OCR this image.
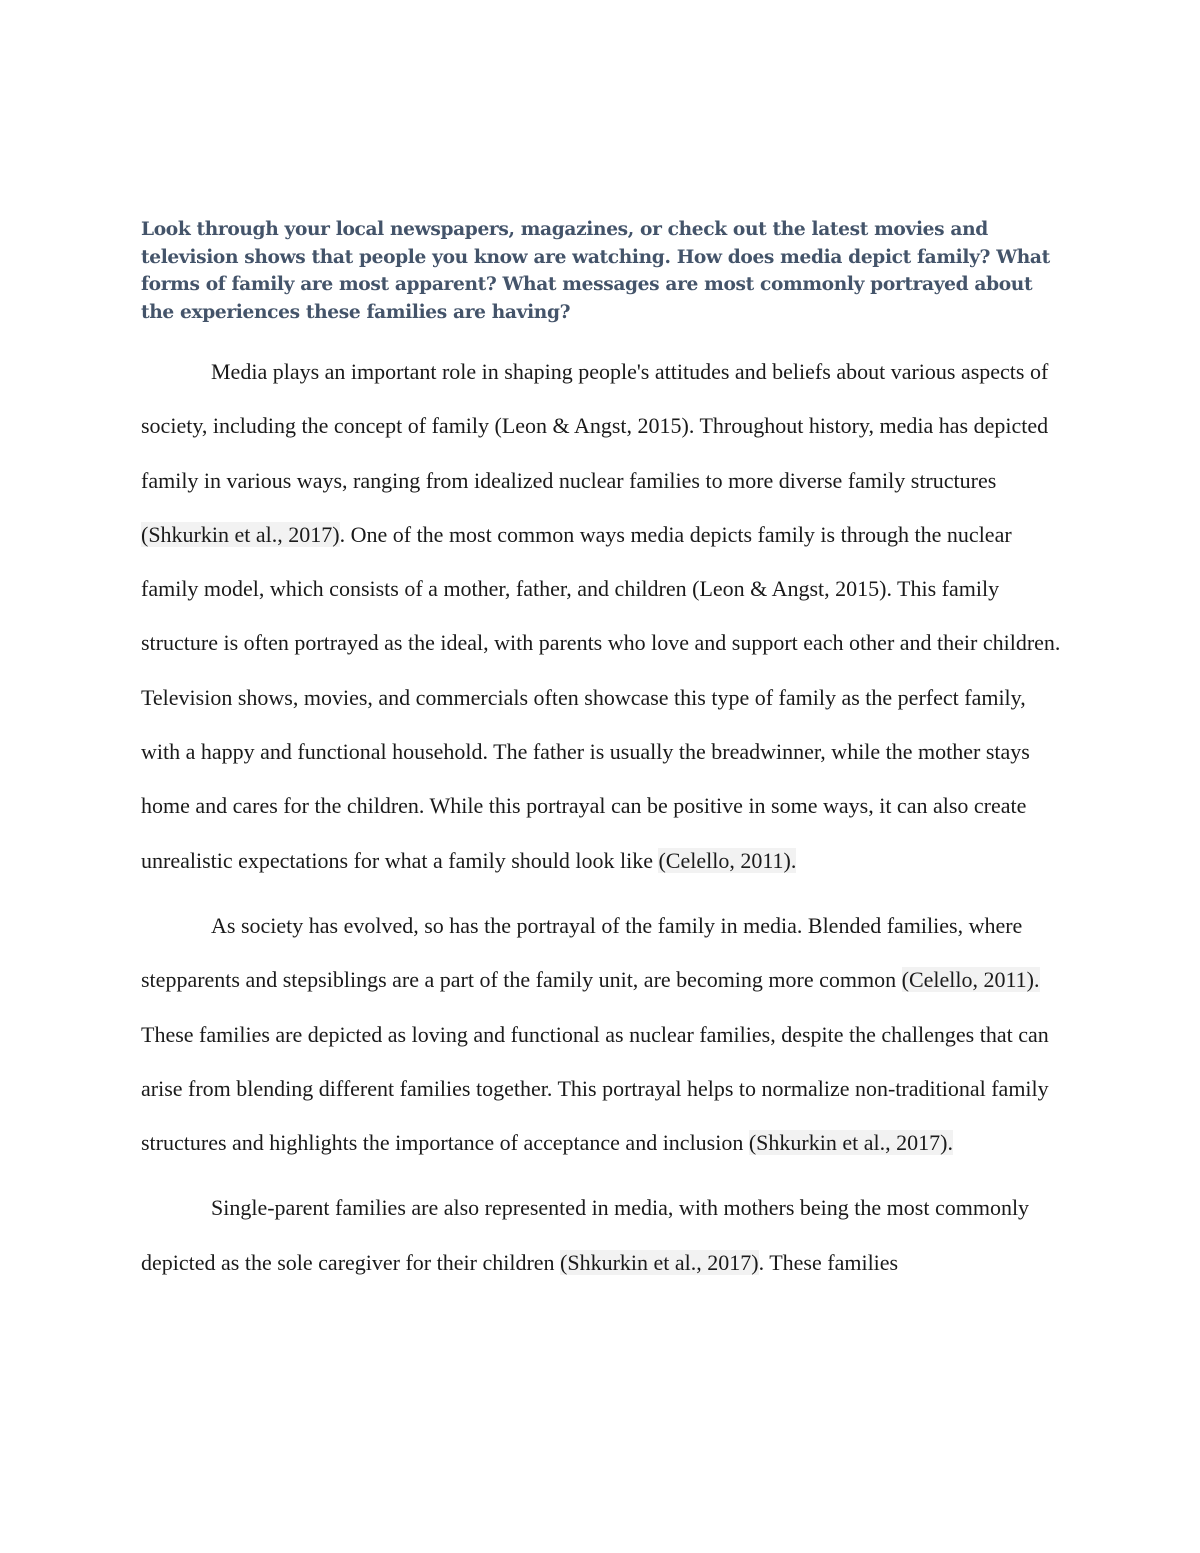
Look through your local newspapers, magazines, or check out the latest movies and television shows that people you know are watching. How does media depict family? What forms of family are most apparent? What messages are most commonly portrayed about the experiences these families are having?

Media plays an important role in shaping people's attitudes and beliefs about various aspects of society, including the concept of family (Leon & Angst, 2015). Throughout history, media has depicted family in various ways, ranging from idealized nuclear families to more diverse family structures (Shkurkin et al., 2017). One of the most common ways media depicts family is through the nuclear family model, which consists of a mother, father, and children (Leon & Angst, 2015). This family structure is often portrayed as the ideal, with parents who love and support each other and their children. Television shows, movies, and commercials often showcase this type of family as the perfect family, with a happy and functional household. The father is usually the breadwinner, while the mother stays home and cares for the children. While this portrayal can be positive in some ways, it can also create unrealistic expectations for what a family should look like (Celello, 2011).

As society has evolved, so has the portrayal of the family in media. Blended families, where stepparents and stepsiblings are a part of the family unit, are becoming more common (Celello, 2011). These families are depicted as loving and functional as nuclear families, despite the challenges that can arise from blending different families together. This portrayal helps to normalize non-traditional family structures and highlights the importance of acceptance and inclusion (Shkurkin et al., 2017).

Single-parent families are also represented in media, with mothers being the most commonly depicted as the sole caregiver for their children (Shkurkin et al., 2017). These families
